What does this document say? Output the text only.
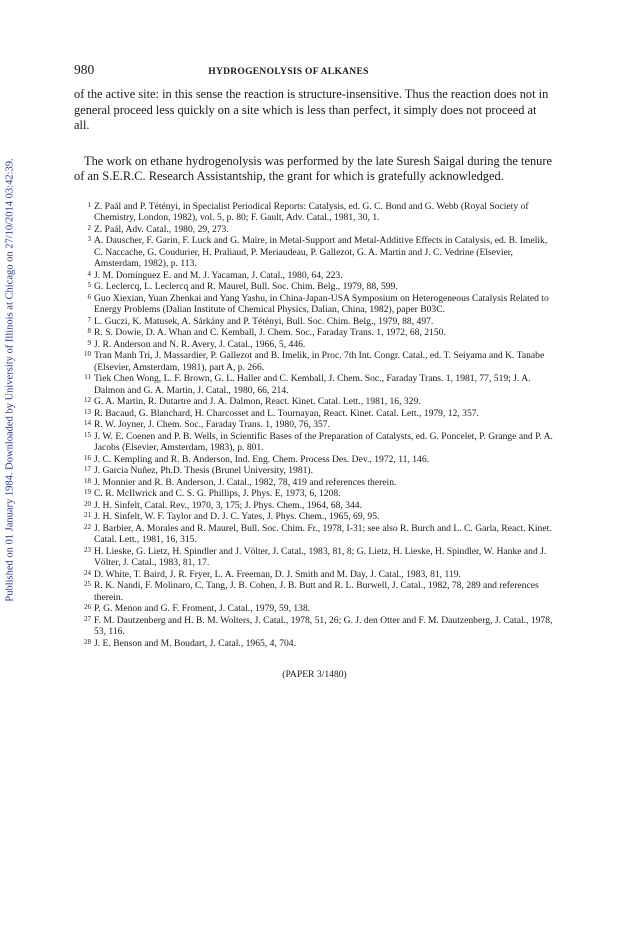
Published on 01 January 1984. Downloaded by University of Illinois at Chicago on 27/10/2014 03:42:39.
980	HYDROGENOLYSIS OF ALKANES

of the active site: in this sense the reaction is structure-insensitive. Thus the reaction does not in general proceed less quickly on a site which is less than perfect, it simply does not proceed at all.

The work on ethane hydrogenolysis was performed by the late Suresh Saigal during the tenure of an S.E.R.C. Research Assistantship, the grant for which is gratefully acknowledged.

1 Z. Paál and P. Tétényi, in Specialist Periodical Reports: Catalysis, ed. G. C. Bond and G. Webb (Royal Society of Chemistry, London, 1982), vol. 5, p. 80; F. Gault, Adv. Catal., 1981, 30, 1.
2 Z. Paál, Adv. Catal., 1980, 29, 273.
3 A. Dauscher, F. Garin, F. Luck and G. Maire, in Metal-Support and Metal-Additive Effects in Catalysis, ed. B. Imelik, C. Naccache, G. Coudurier, H. Praliaud, P. Meriaudeau, P. Gallezot, G. A. Martin and J. C. Vedrine (Elsevier, Amsterdam, 1982), p. 113.
4 J. M. Domínguez E. and M. J. Yacaman, J. Catal., 1980, 64, 223.
5 G. Leclercq, L. Leclercq and R. Maurel, Bull. Soc. Chim. Belg., 1979, 88, 599.
6 Guo Xiexian, Yuan Zhenkai and Yang Yashu, in China-Japan-USA Symposium on Heterogeneous Catalysis Related to Energy Problems (Dalian Institute of Chemical Physics, Dalian, China, 1982), paper B03C.
7 L. Guczi, K. Matusek, A. Sárkány and P. Tétényi, Bull. Soc. Chim. Belg., 1979, 88, 497.
8 R. S. Dowie, D. A. Whan and C. Kemball, J. Chem. Soc., Faraday Trans. 1, 1972, 68, 2150.
9 J. R. Anderson and N. R. Avery, J. Catal., 1966, 5, 446.
10 Tran Manh Tri, J. Massardier, P. Gallezot and B. Imelik, in Proc. 7th Int. Congr. Catal., ed. T. Seiyama and K. Tanabe (Elsevier, Amsterdam, 1981), part A, p. 266.
11 Tiek Chen Wong, L. F. Brown, G. L. Haller and C. Kemball, J. Chem. Soc., Faraday Trans. 1, 1981, 77, 519; J. A. Dalmon and G. A. Martin, J. Catal., 1980, 66, 214.
12 G. A. Martin, R. Dutartre and J. A. Dalmon, React. Kinet. Catal. Lett., 1981, 16, 329.
13 R. Bacaud, G. Blanchard, H. Charcosset and L. Tournayan, React. Kinet. Catal. Lett., 1979, 12, 357.
14 R. W. Joyner, J. Chem. Soc., Faraday Trans. 1, 1980, 76, 357.
15 J. W. E. Coenen and P. B. Wells, in Scientific Bases of the Preparation of Catalysts, ed. G. Poncelet, P. Grange and P. A. Jacobs (Elsevier, Amsterdam, 1983), p. 801.
16 J. C. Kempling and R. B. Anderson, Ind. Eng. Chem. Process Des. Dev., 1972, 11, 146.
17 J. Garcia Nuñez, Ph.D. Thesis (Brunel University, 1981).
18 J. Monnier and R. B. Anderson, J. Catal., 1982, 78, 419 and references therein.
19 C. R. McIlwrick and C. S. G. Phillips, J. Phys. E, 1973, 6, 1208.
20 J. H. Sinfelt, Catal. Rev., 1970, 3, 175; J. Phys. Chem., 1964, 68, 344.
21 J. H. Sinfelt, W. F. Taylor and D. J. C. Yates, J. Phys. Chem., 1965, 69, 95.
22 J. Barbier, A. Morales and R. Maurel, Bull. Soc. Chim. Fr., 1978, I-31; see also R. Burch and L. C. Garla, React. Kinet. Catal. Lett., 1981, 16, 315.
23 H. Lieske, G. Lietz, H. Spindler and J. Völter, J. Catal., 1983, 81, 8; G. Lietz, H. Lieske, H. Spindler, W. Hanke and J. Völter, J. Catal., 1983, 81, 17.
24 D. White, T. Baird, J. R. Fryer, L. A. Freeman, D. J. Smith and M. Day, J. Catal., 1983, 81, 119.
25 R. K. Nandi, F. Molinaro, C. Tang, J. B. Cohen, J. B. Butt and R. L. Burwell, J. Catal., 1982, 78, 289 and references therein.
26 P. G. Menon and G. F. Froment, J. Catal., 1979, 59, 138.
27 F. M. Dautzenberg and H. B. M. Wolters, J. Catal., 1978, 51, 26; G. J. den Otter and F. M. Dautzenberg, J. Catal., 1978, 53, 116.
28 J. E. Benson and M. Boudart, J. Catal., 1965, 4, 704.
(PAPER 3/1480)
